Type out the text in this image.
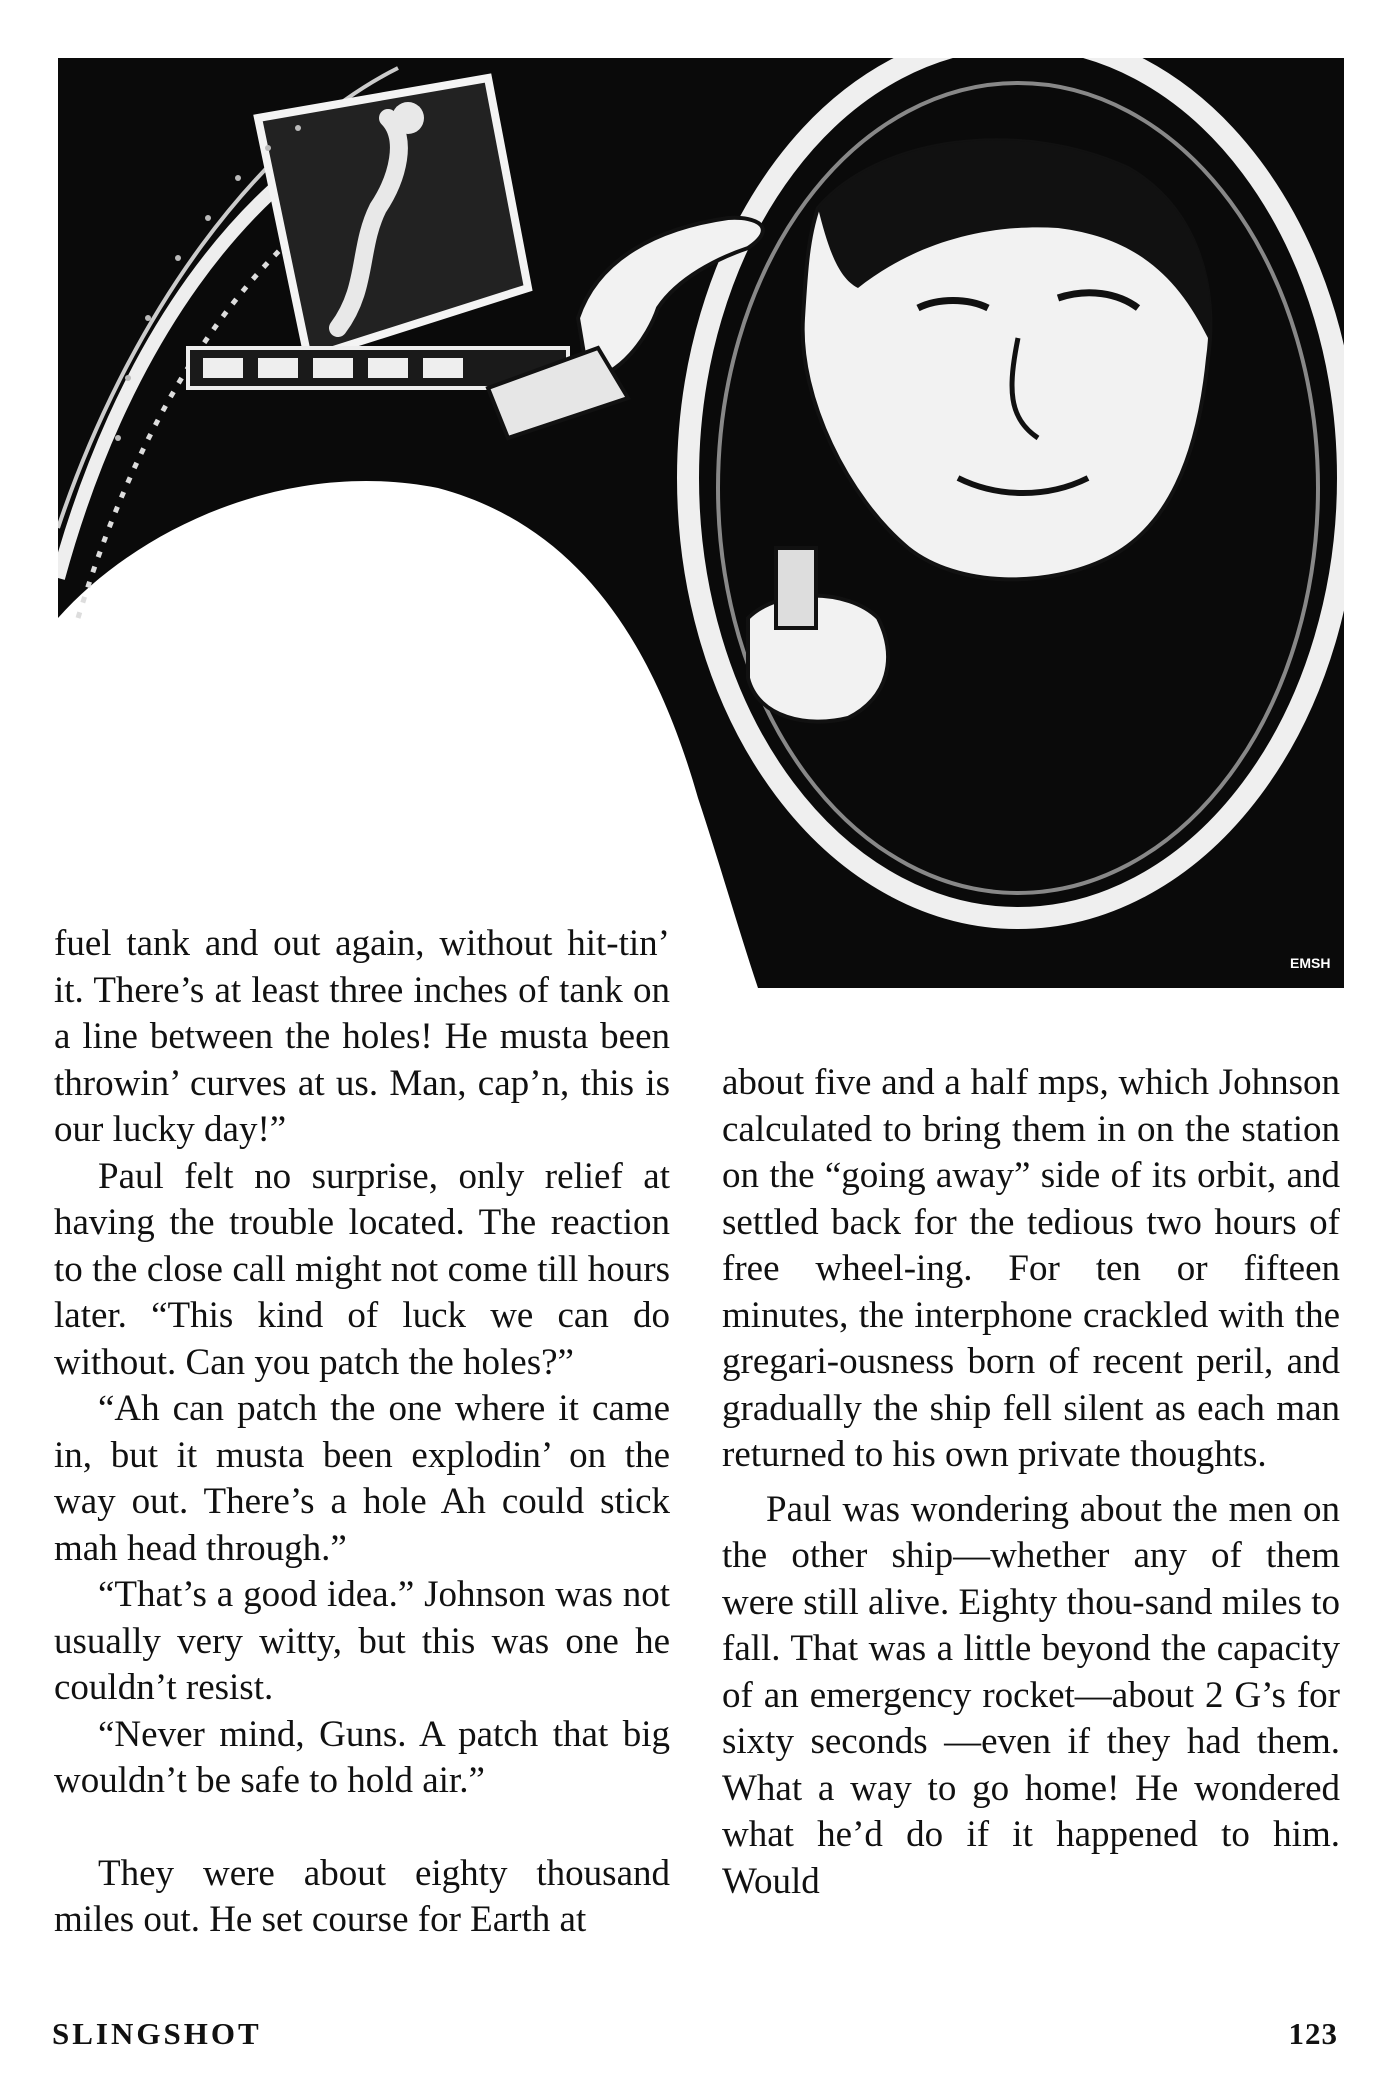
EMSH

fuel tank and out again, without hit-tin’ it. There’s at least three inches of tank on a line between the holes! He musta been throwin’ curves at us. Man, cap’n, this is our lucky day!”

Paul felt no surprise, only relief at having the trouble located. The reaction to the close call might not come till hours later. “This kind of luck we can do without. Can you patch the holes?”

“Ah can patch the one where it came in, but it musta been explodin’ on the way out. There’s a hole Ah could stick mah head through.”

“That’s a good idea.” Johnson was not usually very witty, but this was one he couldn’t resist.

“Never mind, Guns. A patch that big wouldn’t be safe to hold air.”

They were about eighty thousand miles out. He set course for Earth at

about five and a half mps, which Johnson calculated to bring them in on the station on the “going away” side of its orbit, and settled back for the tedious two hours of free wheel-ing. For ten or fifteen minutes, the interphone crackled with the gregari-ousness born of recent peril, and gradually the ship fell silent as each man returned to his own private thoughts.

Paul was wondering about the men on the other ship—whether any of them were still alive. Eighty thou-sand miles to fall. That was a little beyond the capacity of an emergency rocket—about 2 G’s for sixty seconds —even if they had them. What a way to go home! He wondered what he’d do if it happened to him. Would

SLINGSHOT	123
